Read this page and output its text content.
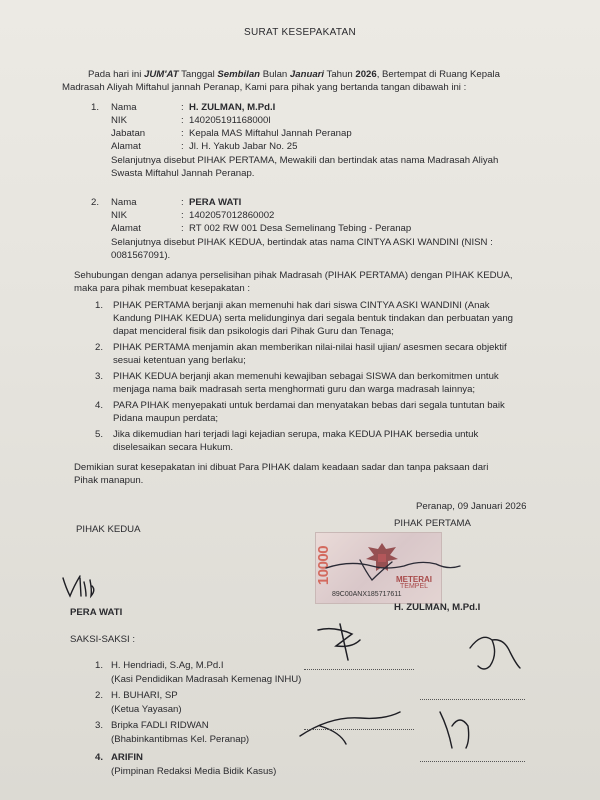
SURAT KESEPAKATAN
Pada hari ini JUM'AT Tanggal Sembilan Bulan Januari Tahun 2026, Bertempat di Ruang Kepala
Madrasah Aliyah Miftahul jannah Peranap, Kami para pihak yang bertanda tangan dibawah ini :
1. Nama	: H. ZULMAN, M.Pd.I
NIK	: 140205191168000l
Jabatan	: Kepala MAS Miftahul Jannah Peranap
Alamat	: Jl. H. Yakub Jabar No. 25
Selanjutnya disebut PIHAK PERTAMA, Mewakili dan bertindak atas nama Madrasah Aliyah
Swasta Miftahul Jannah Peranap.
2. Nama	: PERA WATI
NIK	: 1402057012860002
Alamat	: RT 002 RW 001 Desa Semelinang Tebing - Peranap
Selanjutnya disebut PIHAK KEDUA, bertindak atas nama CINTYA ASKI WANDINI (NISN :
0081567091).
Sehubungan dengan adanya perselisihan pihak Madrasah (PIHAK PERTAMA) dengan PIHAK KEDUA,
maka para pihak membuat kesepakatan :
1. PIHAK PERTAMA berjanji akan memenuhi hak dari siswa CINTYA ASKI WANDINI (Anak
Kandung PIHAK KEDUA) serta melidunginya dari segala bentuk tindakan dan perbuatan yang
dapat mencideral fisik dan psikologis dari Pihak Guru dan Tenaga;
2. PIHAK PERTAMA menjamin akan memberikan nilai-nilai hasil ujian/ asesmen secara objektif
sesuai ketentuan yang berlaku;
3. PIHAK KEDUA berjanji akan memenuhi kewajiban sebagai SISWA dan berkomitmen untuk
menjaga nama baik madrasah serta menghormati guru dan warga madrasah lainnya;
4. PARA PIHAK menyepakati untuk berdamai dan menyatakan bebas dari segala tuntutan baik
Pidana maupun perdata;
5. Jika dikemudian hari terjadi lagi kejadian serupa, maka KEDUA PIHAK bersedia untuk
diselesaikan secara Hukum.
Demikian surat kesepakatan ini dibuat Para PIHAK dalam keadaan sadar dan tanpa paksaan dari
Pihak manapun.
Peranap, 09 Januari 2026
PIHAK KEDUA
PIHAK PERTAMA
10000	METERAI
TEMPEL
89C00ANX185717611
PERA WATI	H. ZULMAN, M.Pd.I
SAKSI-SAKSI :
1. H. Hendriadi, S.Ag, M.Pd.I
(Kasi Pendidikan Madrasah Kemenag INHU)
2. H. BUHARI, SP
(Ketua Yayasan)
3. Bripka FADLI RIDWAN
(Bhabinkantibmas Kel. Peranap)
4. ARIFIN
(Pimpinan Redaksi Media Bidik Kasus)
